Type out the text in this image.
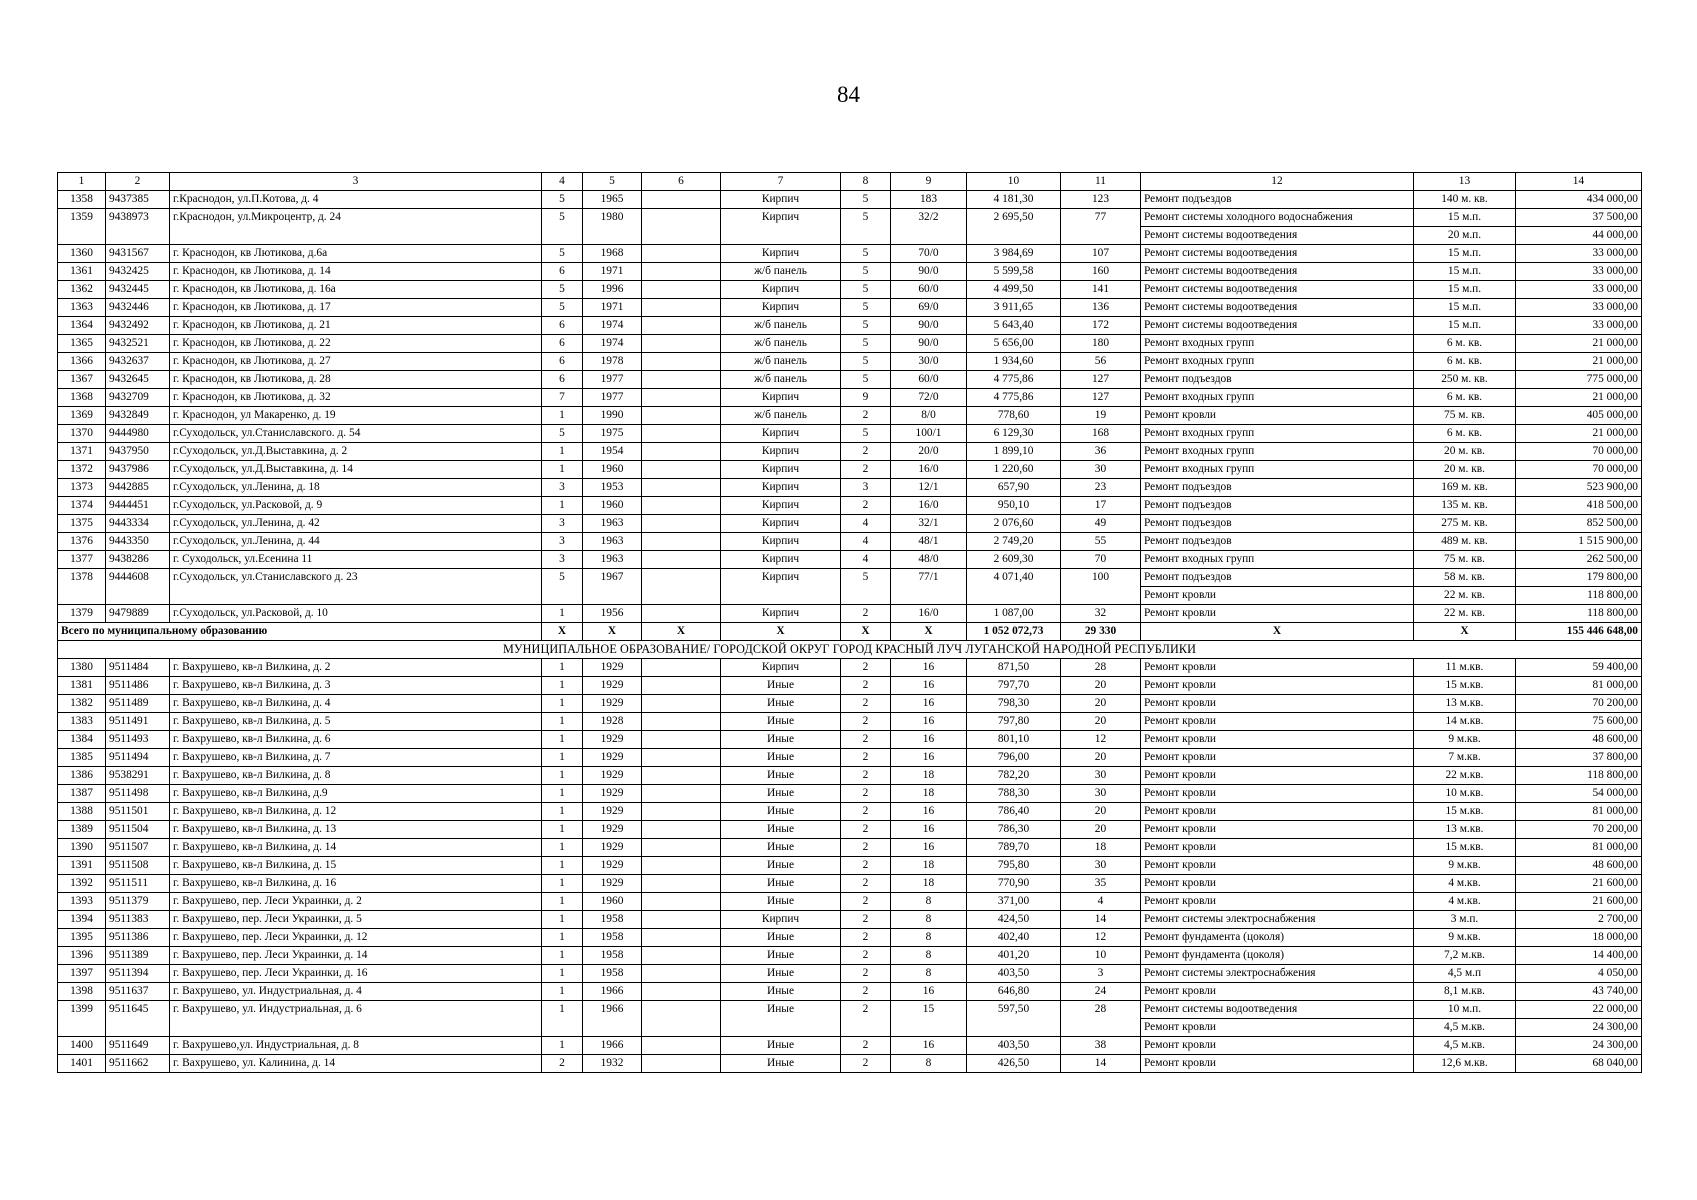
84
1	2	3	4	5	6	7	8	9	10	11	12	13	14
1358	9437385	г.Краснодон, ул.П.Котова, д. 4	5	1965		Кирпич	5	183	4 181,30	123	Ремонт подъездов	140 м. кв.	434 000,00
1359	9438973	г.Краснодон, ул.Микроцентр, д. 24	5	1980		Кирпич	5	32/2	2 695,50	77	Ремонт системы холодного водоснабжения	15 м.п.	37 500,00
											Ремонт системы водоотведения	20 м.п.	44 000,00
1360	9431567	г. Краснодон, кв Лютикова, д.6а	5	1968		Кирпич	5	70/0	3 984,69	107	Ремонт системы водоотведения	15 м.п.	33 000,00
1361	9432425	г. Краснодон, кв Лютикова, д. 14	6	1971		ж/б панель	5	90/0	5 599,58	160	Ремонт системы водоотведения	15 м.п.	33 000,00
1362	9432445	г. Краснодон, кв Лютикова, д. 16а	5	1996		Кирпич	5	60/0	4 499,50	141	Ремонт системы водоотведения	15 м.п.	33 000,00
1363	9432446	г. Краснодон, кв Лютикова, д. 17	5	1971		Кирпич	5	69/0	3 911,65	136	Ремонт системы водоотведения	15 м.п.	33 000,00
1364	9432492	г. Краснодон, кв Лютикова, д. 21	6	1974		ж/б панель	5	90/0	5 643,40	172	Ремонт системы водоотведения	15 м.п.	33 000,00
1365	9432521	г. Краснодон, кв Лютикова, д. 22	6	1974		ж/б панель	5	90/0	5 656,00	180	Ремонт входных групп	6 м. кв.	21 000,00
1366	9432637	г. Краснодон, кв Лютикова, д. 27	6	1978		ж/б панель	5	30/0	1 934,60	56	Ремонт входных групп	6 м. кв.	21 000,00
1367	9432645	г. Краснодон, кв Лютикова, д. 28	6	1977		ж/б панель	5	60/0	4 775,86	127	Ремонт подъездов	250 м. кв.	775 000,00
1368	9432709	г. Краснодон, кв Лютикова, д. 32	7	1977		Кирпич	9	72/0	4 775,86	127	Ремонт входных групп	6 м. кв.	21 000,00
1369	9432849	г. Краснодон, ул Макаренко, д. 19	1	1990		ж/б панель	2	8/0	778,60	19	Ремонт кровли	75 м. кв.	405 000,00
1370	9444980	г.Суходольск, ул.Станиславского. д. 54	5	1975		Кирпич	5	100/1	6 129,30	168	Ремонт входных групп	6 м. кв.	21 000,00
1371	9437950	г.Суходольск, ул.Д.Выставкина, д. 2	1	1954		Кирпич	2	20/0	1 899,10	36	Ремонт входных групп	20 м. кв.	70 000,00
1372	9437986	г.Суходольск, ул.Д.Выставкина, д. 14	1	1960		Кирпич	2	16/0	1 220,60	30	Ремонт входных групп	20 м. кв.	70 000,00
1373	9442885	г.Суходольск, ул.Ленина, д. 18	3	1953		Кирпич	3	12/1	657,90	23	Ремонт подъездов	169 м. кв.	523 900,00
1374	9444451	г.Суходольск, ул.Расковой, д. 9	1	1960		Кирпич	2	16/0	950,10	17	Ремонт подъездов	135 м. кв.	418 500,00
1375	9443334	г.Суходольск, ул.Ленина, д. 42	3	1963		Кирпич	4	32/1	2 076,60	49	Ремонт подъездов	275 м. кв.	852 500,00
1376	9443350	г.Суходольск, ул.Ленина, д. 44	3	1963		Кирпич	4	48/1	2 749,20	55	Ремонт подъездов	489 м. кв.	1 515 900,00
1377	9438286	г. Суходольск, ул.Есенина 11	3	1963		Кирпич	4	48/0	2 609,30	70	Ремонт входных групп	75 м. кв.	262 500,00
1378	9444608	г.Суходольск, ул.Станиславского д. 23	5	1967		Кирпич	5	77/1	4 071,40	100	Ремонт подъездов	58 м. кв.	179 800,00
											Ремонт кровли	22 м. кв.	118 800,00
1379	9479889	г.Суходольск, ул.Расковой, д. 10	1	1956		Кирпич	2	16/0	1 087,00	32	Ремонт кровли	22 м. кв.	118 800,00
Всего по муниципальному образованию			X	X	X	X	X	X	1 052 072,73	29 330	X	X	155 446 648,00
МУНИЦИПАЛЬНОЕ ОБРАЗОВАНИЕ/ ГОРОДСКОЙ ОКРУГ ГОРОД КРАСНЫЙ ЛУЧ ЛУГАНСКОЙ НАРОДНОЙ РЕСПУБЛИКИ													
1380	9511484	г. Вахрушево, кв-л Вилкина, д. 2	1	1929		Кирпич	2	16	871,50	28	Ремонт кровли	11 м.кв.	59 400,00
1381	9511486	г. Вахрушево, кв-л Вилкина, д. 3	1	1929		Иные	2	16	797,70	20	Ремонт кровли	15 м.кв.	81 000,00
1382	9511489	г. Вахрушево, кв-л Вилкина, д. 4	1	1929		Иные	2	16	798,30	20	Ремонт кровли	13 м.кв.	70 200,00
1383	9511491	г. Вахрушево, кв-л Вилкина, д. 5	1	1928		Иные	2	16	797,80	20	Ремонт кровли	14 м.кв.	75 600,00
1384	9511493	г. Вахрушево, кв-л Вилкина, д. 6	1	1929		Иные	2	16	801,10	12	Ремонт кровли	9 м.кв.	48 600,00
1385	9511494	г. Вахрушево, кв-л Вилкина, д. 7	1	1929		Иные	2	16	796,00	20	Ремонт кровли	7 м.кв.	37 800,00
1386	9538291	г. Вахрушево, кв-л Вилкина, д. 8	1	1929		Иные	2	18	782,20	30	Ремонт кровли	22 м.кв.	118 800,00
1387	9511498	г. Вахрушево, кв-л Вилкина, д.9	1	1929		Иные	2	18	788,30	30	Ремонт кровли	10 м.кв.	54 000,00
1388	9511501	г. Вахрушево, кв-л Вилкина, д. 12	1	1929		Иные	2	16	786,40	20	Ремонт кровли	15 м.кв.	81 000,00
1389	9511504	г. Вахрушево, кв-л Вилкина, д. 13	1	1929		Иные	2	16	786,30	20	Ремонт кровли	13 м.кв.	70 200,00
1390	9511507	г. Вахрушево, кв-л Вилкина, д. 14	1	1929		Иные	2	16	789,70	18	Ремонт кровли	15 м.кв.	81 000,00
1391	9511508	г. Вахрушево, кв-л Вилкина, д. 15	1	1929		Иные	2	18	795,80	30	Ремонт кровли	9 м.кв.	48 600,00
1392	9511511	г. Вахрушево, кв-л Вилкина, д. 16	1	1929		Иные	2	18	770,90	35	Ремонт кровли	4 м.кв.	21 600,00
1393	9511379	г. Вахрушево, пер. Леси Украинки, д. 2	1	1960		Иные	2	8	371,00	4	Ремонт кровли	4 м.кв.	21 600,00
1394	9511383	г. Вахрушево, пер. Леси Украинки, д. 5	1	1958		Кирпич	2	8	424,50	14	Ремонт системы электроснабжения	3 м.п.	2 700,00
1395	9511386	г. Вахрушево, пер. Леси Украинки, д. 12	1	1958		Иные	2	8	402,40	12	Ремонт фундамента (цоколя)	9 м.кв.	18 000,00
1396	9511389	г. Вахрушево, пер. Леси Украинки, д. 14	1	1958		Иные	2	8	401,20	10	Ремонт фундамента (цоколя)	7,2 м.кв.	14 400,00
1397	9511394	г. Вахрушево, пер. Леси Украинки, д. 16	1	1958		Иные	2	8	403,50	3	Ремонт системы электроснабжения	4,5 м.п	4 050,00
1398	9511637	г. Вахрушево, ул. Индустриальная, д. 4	1	1966		Иные	2	16	646,80	24	Ремонт кровли	8,1 м.кв.	43 740,00
1399	9511645	г. Вахрушево, ул. Индустриальная, д. 6	1	1966		Иные	2	15	597,50	28	Ремонт системы водоотведения	10 м.п.	22 000,00
											Ремонт кровли	4,5 м.кв.	24 300,00
1400	9511649	г. Вахрушево,ул. Индустриальная, д. 8	1	1966		Иные	2	16	403,50	38	Ремонт кровли	4,5 м.кв.	24 300,00
1401	9511662	г. Вахрушево, ул. Калинина, д. 14	2	1932		Иные	2	8	426,50	14	Ремонт кровли	12,6 м.кв.	68 040,00
